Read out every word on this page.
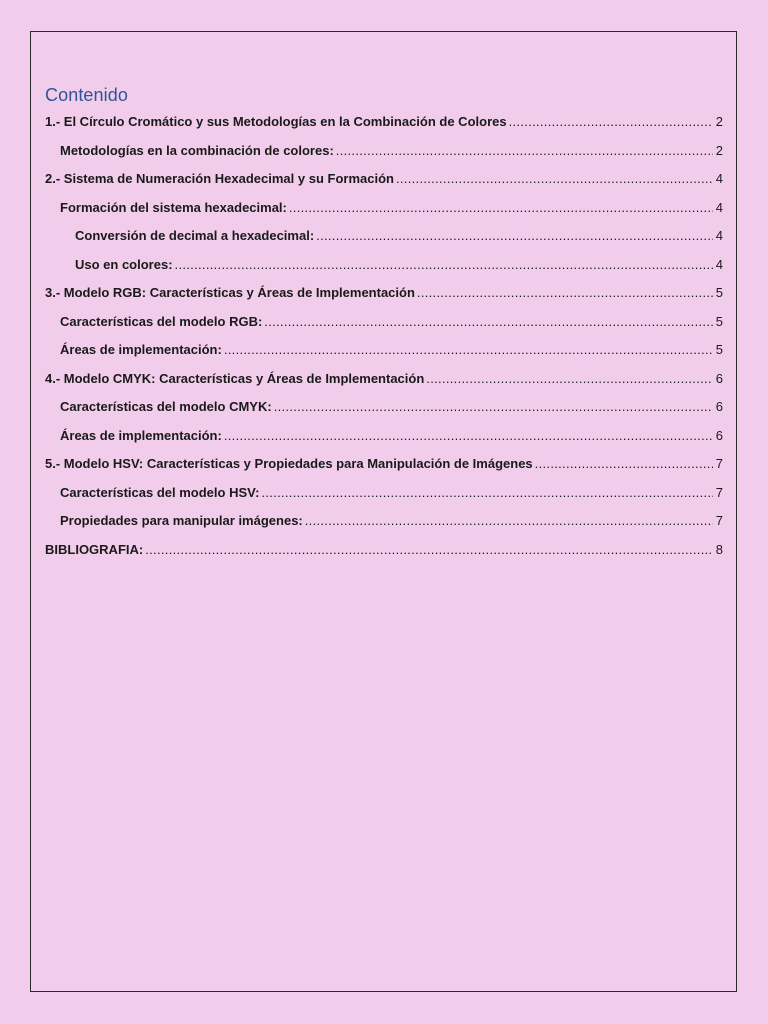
Contenido
1.- El Círculo Cromático y sus Metodologías en la Combinación de Colores .....	2
Metodologías en la combinación de colores: .....	2
2.- Sistema de Numeración Hexadecimal y su Formación .....	4
Formación del sistema hexadecimal: .....	4
Conversión de decimal a hexadecimal: .....	4
Uso en colores: .....	4
3.- Modelo RGB: Características y Áreas de Implementación .....	5
Características del modelo RGB: .....	5
Áreas de implementación: .....	5
4.- Modelo CMYK: Características y Áreas de Implementación .....	6
Características del modelo CMYK: .....	6
Áreas de implementación: .....	6
5.- Modelo HSV: Características y Propiedades para Manipulación de Imágenes .....	7
Características del modelo HSV: .....	7
Propiedades para manipular imágenes: .....	7
BIBLIOGRAFIA: .....	8
